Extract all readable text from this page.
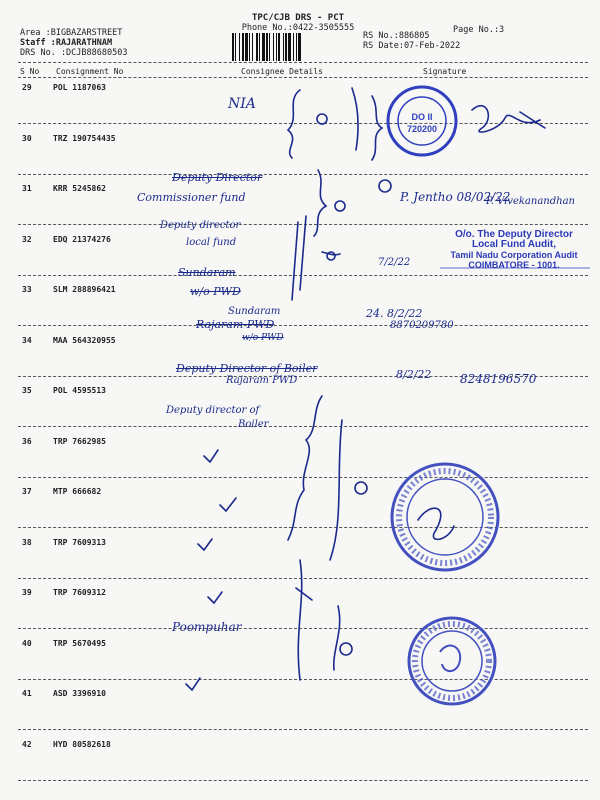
TPC/CJB DRS - PCT
Phone No.:0422-3505555
Area :BIGBAZARSTREET
Staff :RAJARATHNAM
DRS No. :DCJB88680503
RS No.:886805
RS Date:07-Feb-2022
Page No.:3
S No Consignment No	Consignee Details	Signature
29	POL 1187063
30	TRZ 190754435
31	KRR 5245862
32	EDQ 21374276
33	SLM 288896421
34	MAA 564320955
35	POL 4595513
36	TRP 7662985
37	MTP 666682
38	TRP 7609313
39	TRP 7609312
40	TRP 5670495
41	ASD 3396910
42	HYD 80582618
NIA
Deputy Director
Commissioner fund	P. Jentho 08/02/22
P. Vivekanandhan
Deputy director
local fund
Sundaram
w/o PWD
7/2/22
Sundaram
Rajaram PWD
w/o PWD
24. 8/2/22
8870209780
Deputy Director of Boiler
Rajaram PWD	8/2/22 8248196570
Deputy director of
Boiler
Poompuhar
O/o. The Deputy Director
Local Fund Audit,
Tamil Nadu Corporation Audit
COIMBATORE - 1001.
DO II
720200
